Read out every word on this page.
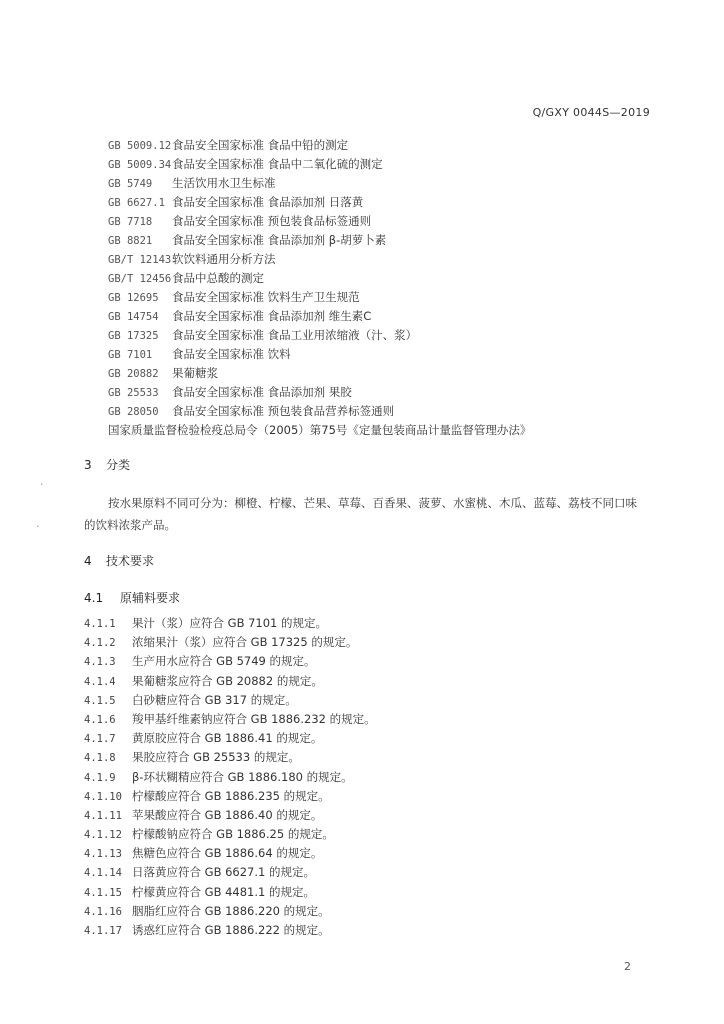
Q/GXY 0044S—2019
GB 5009.12食品安全国家标准 食品中铅的测定
GB 5009.34食品安全国家标准 食品中二氧化硫的测定
GB 5749 生活饮用水卫生标准
GB 6627.1 食品安全国家标准 食品添加剂 日落黄
GB 7718 食品安全国家标准 预包装食品标签通则
GB 8821 食品安全国家标准 食品添加剂 β-胡萝卜素
GB/T 12143软饮料通用分析方法
GB/T 12456食品中总酸的测定
GB 12695 食品安全国家标准 饮料生产卫生规范
GB 14754 食品安全国家标准 食品添加剂 维生素C
GB 17325 食品安全国家标准 食品工业用浓缩液（汁、浆）
GB 7101 食品安全国家标准 饮料
GB 20882 果葡糖浆
GB 25533 食品安全国家标准 食品添加剂 果胶
GB 28050 食品安全国家标准 预包装食品营养标签通则
国家质量监督检验检疫总局令（2005）第75号《定量包装商品计量监督管理办法》
3 分类
按水果原料不同可分为：柳橙、柠檬、芒果、草莓、百香果、菠萝、水蜜桃、木瓜、蓝莓、荔枝不同口味的饮料浓浆产品。
4 技术要求
4.1 原辅料要求
4.1.1 果汁（浆）应符合 GB 7101 的规定。
4.1.2 浓缩果汁（浆）应符合 GB 17325 的规定。
4.1.3 生产用水应符合 GB 5749 的规定。
4.1.4 果葡糖浆应符合 GB 20882 的规定。
4.1.5 白砂糖应符合 GB 317 的规定。
4.1.6 羧甲基纤维素钠应符合 GB 1886.232 的规定。
4.1.7 黄原胶应符合 GB 1886.41 的规定。
4.1.8 果胶应符合 GB 25533 的规定。
4.1.9 β-环状糊精应符合 GB 1886.180 的规定。
4.1.10 柠檬酸应符合 GB 1886.235 的规定。
4.1.11 苹果酸应符合 GB 1886.40 的规定。
4.1.12 柠檬酸钠应符合 GB 1886.25 的规定。
4.1.13 焦糖色应符合 GB 1886.64 的规定。
4.1.14 日落黄应符合 GB 6627.1 的规定。
4.1.15 柠檬黄应符合 GB 4481.1 的规定。
4.1.16 胭脂红应符合 GB 1886.220 的规定。
4.1.17 诱惑红应符合 GB 1886.222 的规定。
2
·
·
